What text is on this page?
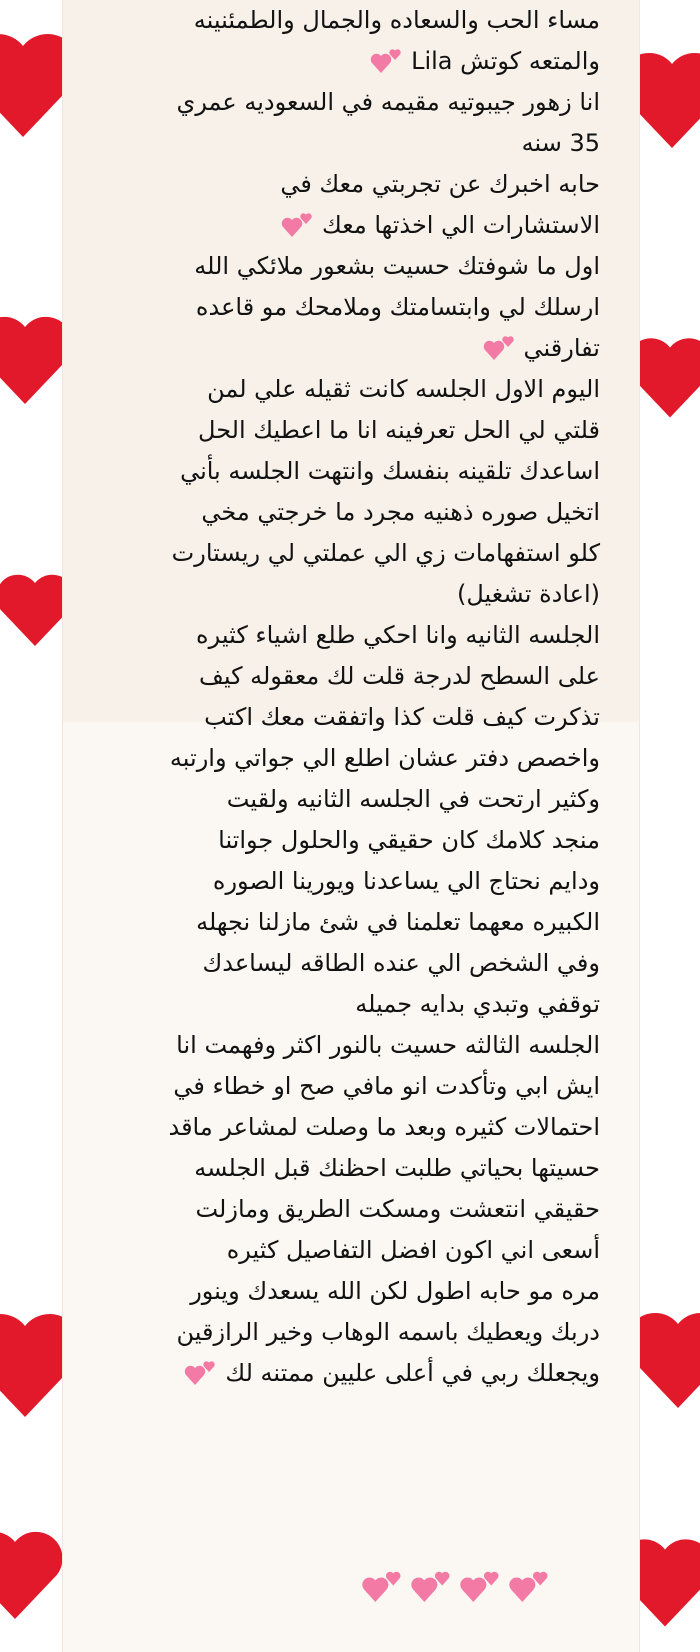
مساء الحب والسعاده والجمال والطمئنينه
والمتعه كوتش Lila
انا زهور جيبوتيه مقيمه في السعوديه عمري
35 سنه
حابه اخبرك عن تجربتي معك في
الاستشارات الي اخذتها معك
اول ما شوفتك حسيت بشعور ملائكي الله
ارسلك لي وابتسامتك وملامحك مو قاعده
تفارقني
اليوم الاول الجلسه كانت ثقيله علي لمن
قلتي لي الحل تعرفينه انا ما اعطيك الحل
اساعدك تلقينه بنفسك وانتهت الجلسه بأني
اتخيل صوره ذهنيه مجرد ما خرجتي مخي
كلو استفهامات زي الي عملتي لي ريستارت
(اعادة تشغيل)
الجلسه الثانيه وانا احكي طلع اشياء كثيره
على السطح لدرجة قلت لك معقوله كيف
تذكرت كيف قلت كذا واتفقت معك اكتب
واخصص دفتر عشان اطلع الي جواتي وارتبه
وكثير ارتحت في الجلسه الثانيه ولقيت
منجد كلامك كان حقيقي والحلول جواتنا
ودايم نحتاج الي يساعدنا ويورينا الصوره
الكبيره معهما تعلمنا في شئ مازلنا نجهله
وفي الشخص الي عنده الطاقه ليساعدك
توقفي وتبدي بدايه جميله
الجلسه الثالثه حسيت بالنور اكثر وفهمت انا
ايش ابي وتأكدت انو مافي صح او خطاء في
احتمالات كثيره وبعد ما وصلت لمشاعر ماقد
حسيتها بحياتي طلبت احظنك قبل الجلسه
حقيقي انتعشت ومسكت الطريق ومازلت
أسعى اني اكون افضل التفاصيل كثيره
مره مو حابه اطول لكن الله يسعدك وينور
دربك ويعطيك باسمه الوهاب وخير الرازقين
ويجعلك ربي في أعلى عليين ممتنه لك
